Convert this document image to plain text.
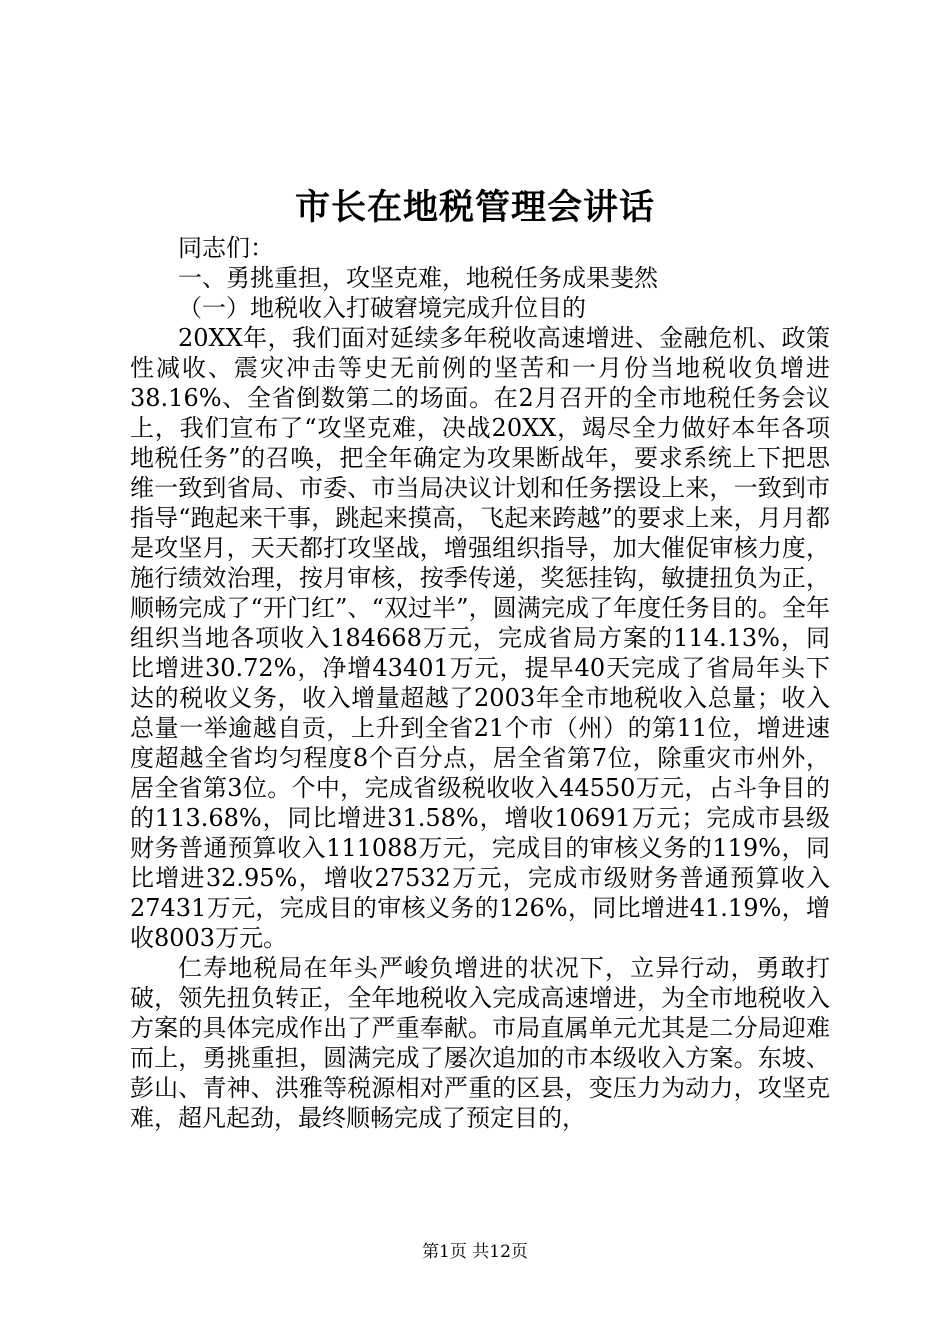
市长在地税管理会讲话
同志们：
一、勇挑重担，攻坚克难，地税任务成果斐然
（一）地税收入打破窘境完成升位目的
20XX年，我们面对延续多年税收高速增进、金融危机、政策性减收、震灾冲击等史无前例的坚苦和一月份当地税收负增进38.16%、全省倒数第二的场面。在2月召开的全市地税任务会议上，我们宣布了“攻坚克难，决战20XX，竭尽全力做好本年各项地税任务”的召唤，把全年确定为攻果断战年，要求系统上下把思维一致到省局、市委、市当局决议计划和任务摆设上来，一致到市指导“跑起来干事，跳起来摸高，飞起来跨越”的要求上来，月月都是攻坚月，天天都打攻坚战，增强组织指导，加大催促审核力度，施行绩效治理，按月审核，按季传递，奖惩挂钩，敏捷扭负为正，顺畅完成了“开门红”、“双过半”，圆满完成了年度任务目的。全年组织当地各项收入184668万元，完成省局方案的114.13%，同比增进30.72%，净增43401万元，提早40天完成了省局年头下达的税收义务，收入增量超越了2003年全市地税收入总量；收入总量一举逾越自贡，上升到全省21个市（州）的第11位，增进速度超越全省均匀程度8个百分点，居全省第7位，除重灾市州外，居全省第3位。个中，完成省级税收收入44550万元，占斗争目的的113.68%，同比增进31.58%，增收10691万元；完成市县级财务普通预算收入111088万元，完成目的审核义务的119%，同比增进32.95%，增收27532万元，完成市级财务普通预算收入27431万元，完成目的审核义务的126%，同比增进41.19%，增收8003万元。
仁寿地税局在年头严峻负增进的状况下，立异行动，勇敢打破，领先扭负转正，全年地税收入完成高速增进，为全市地税收入方案的具体完成作出了严重奉献。市局直属单元尤其是二分局迎难而上，勇挑重担，圆满完成了屡次追加的市本级收入方案。东坡、彭山、青神、洪雅等税源相对严重的区县，变压力为动力，攻坚克难，超凡起劲，最终顺畅完成了预定目的，
第1页 共12页
